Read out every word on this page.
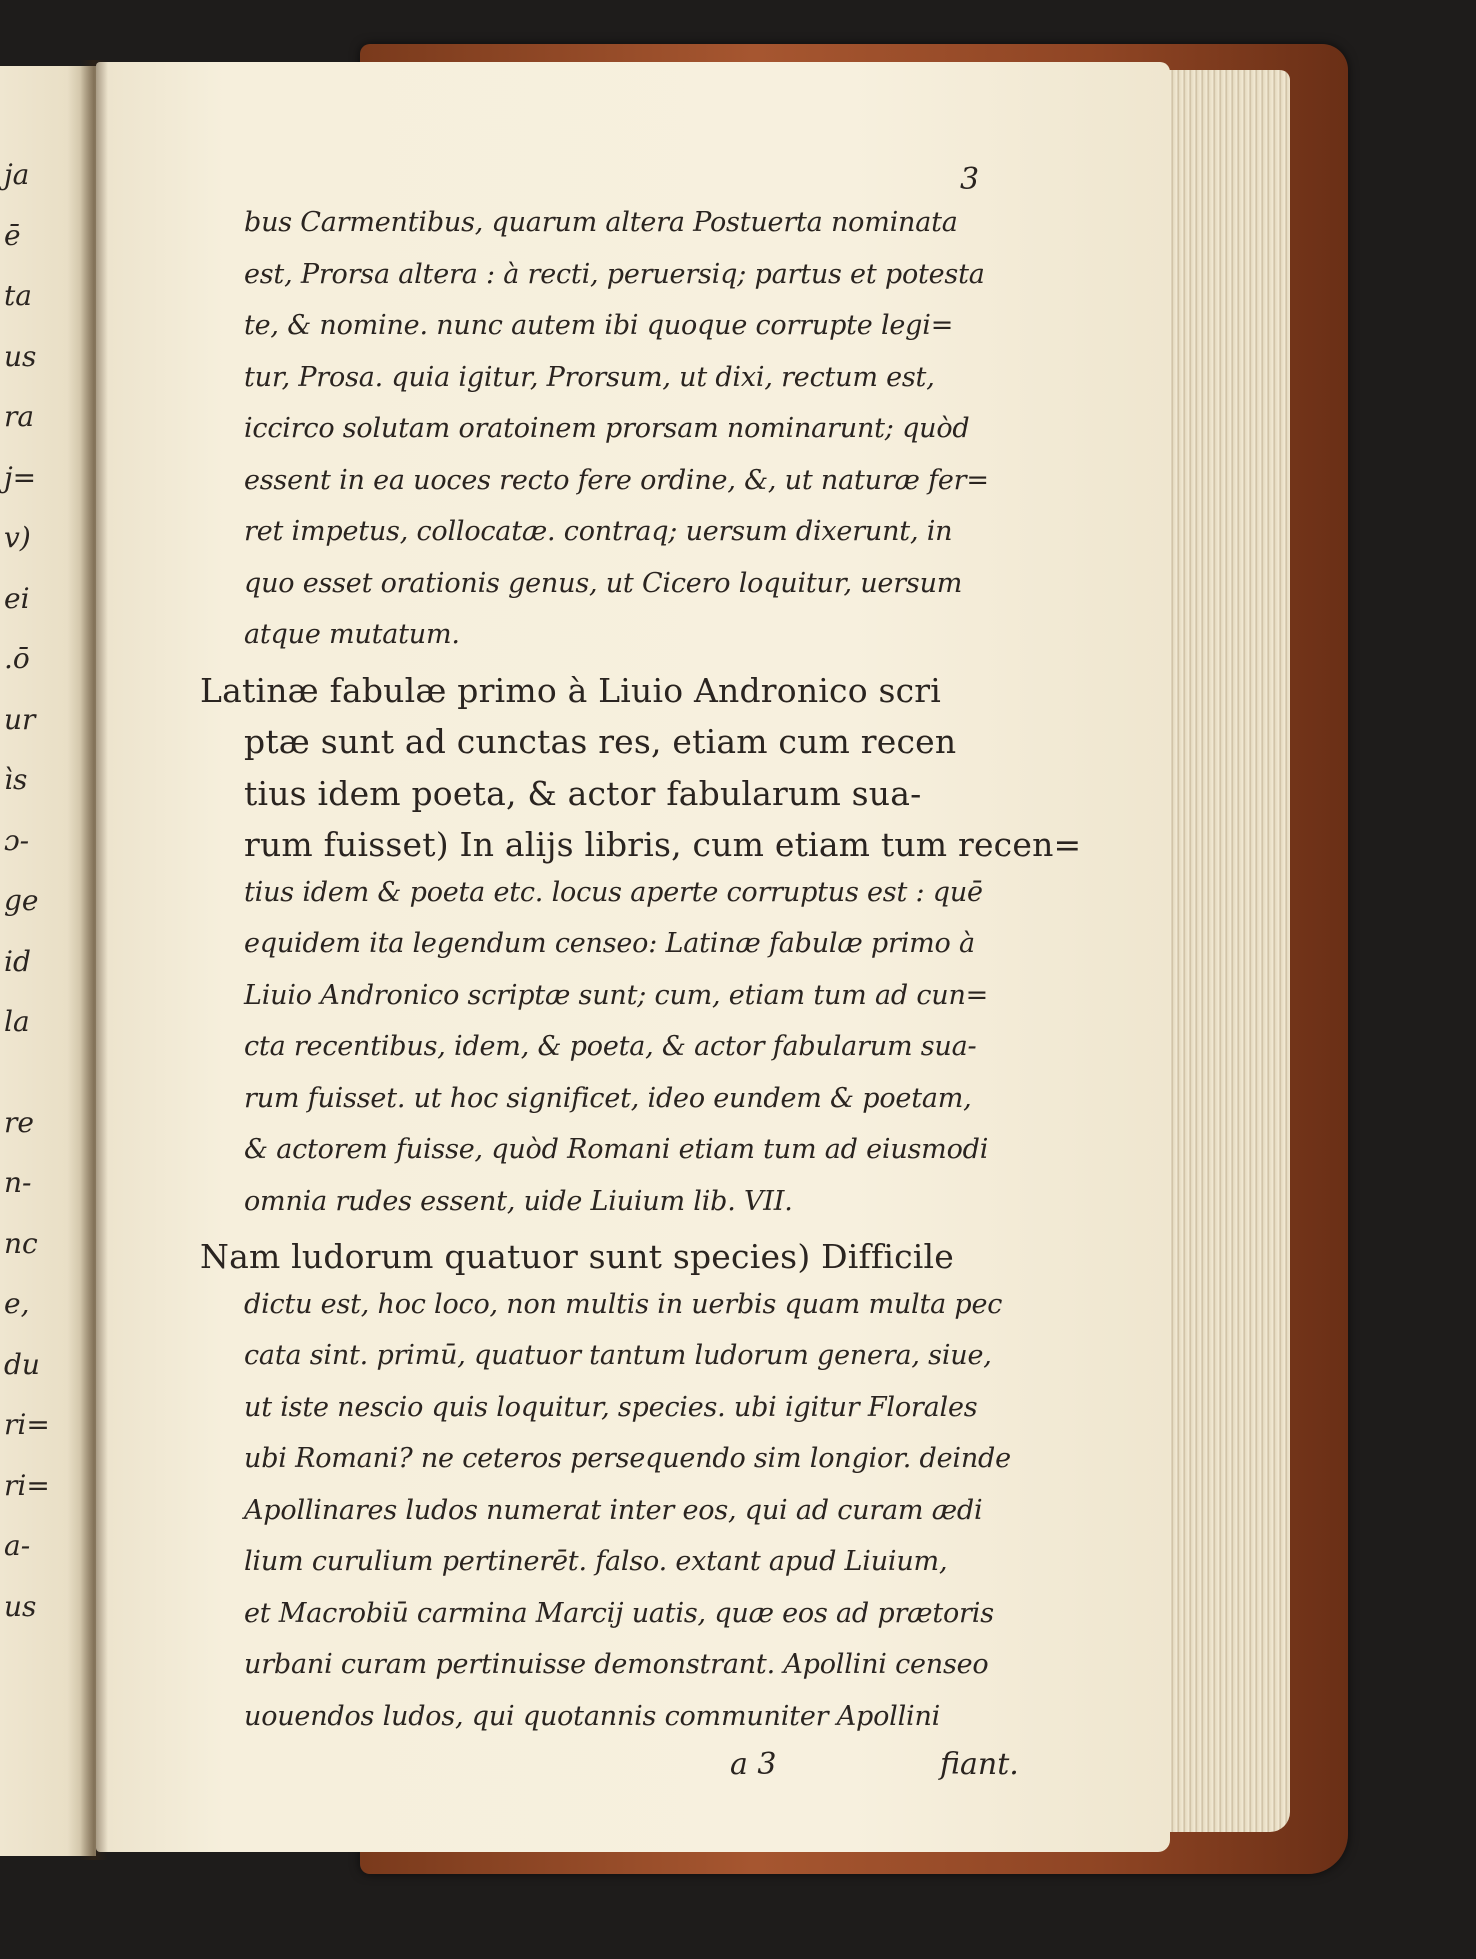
ja
ē
ta
us
ra
j=
v)
ei
.ō
ur
ìs
ɔ-
ge
id
la
re
n-
nc
e,
du
ri=
ri=
a-
us
3
a 3	fiant.
bus Carmentibus, quarum altera Postuerta nominata
est, Prorsa altera : à recti, peruersiq; partus et potesta
te, & nomine. nunc autem ibi quoque corrupte legi=
tur, Prosa. quia igitur, Prorsum, ut dixi, rectum est,
iccirco solutam oratoinem prorsam nominarunt; quòd
essent in ea uoces recto fere ordine, &, ut naturæ fer=
ret impetus, collocatæ. contraq; uersum dixerunt, in
quo esset orationis genus, ut Cicero loquitur, uersum
atque mutatum.
Latinæ fabulæ primo à Liuio Andronico scri
ptæ sunt ad cunctas res, etiam cum recen
tius idem poeta, & actor fabularum sua-
rum fuisset) In alijs libris, cum etiam tum recen=
tius idem & poeta etc. locus aperte corruptus est : quē
equidem ita legendum censeo: Latinæ fabulæ primo à
Liuio Andronico scriptæ sunt; cum, etiam tum ad cun=
cta recentibus, idem, & poeta, & actor fabularum sua-
rum fuisset. ut hoc significet, ideo eundem & poetam,
& actorem fuisse, quòd Romani etiam tum ad eiusmodi
omnia rudes essent, uide Liuium lib. VII.
Nam ludorum quatuor sunt species) Difficile
dictu est, hoc loco, non multis in uerbis quam multa pec
cata sint. primū, quatuor tantum ludorum genera, siue,
ut iste nescio quis loquitur, species. ubi igitur Florales
ubi Romani? ne ceteros persequendo sim longior. deinde
Apollinares ludos numerat inter eos, qui ad curam ædi
lium curulium pertinerēt. falso. extant apud Liuium,
et Macrobiū carmina Marcij uatis, quæ eos ad prætoris
urbani curam pertinuisse demonstrant. Apollini censeo
uouendos ludos, qui quotannis communiter Apollini
